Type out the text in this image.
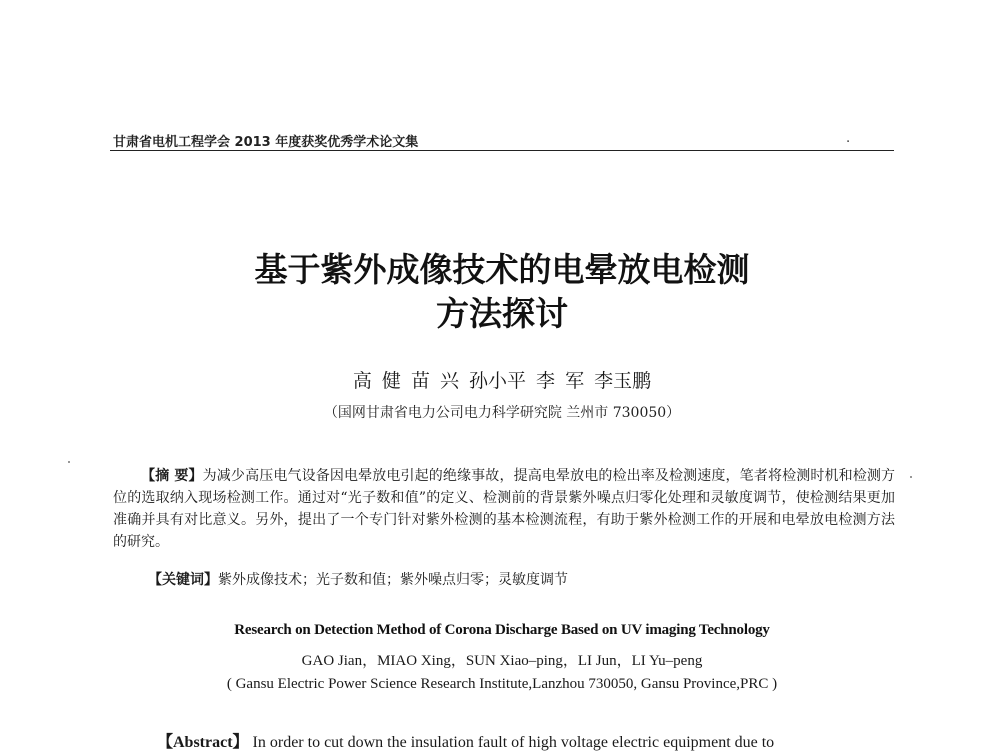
甘肃省电机工程学会 2013 年度获奖优秀学术论文集	.
基于紫外成像技术的电晕放电检测
方法探讨
高 健 苗 兴 孙小平 李 军 李玉鹏
（国网甘肃省电力公司电力科学研究院 兰州市 730050）
【摘 要】为减少高压电气设备因电晕放电引起的绝缘事故，提高电晕放电的检出率及检测速度，笔者将检测时机和检测方位的选取纳入现场检测工作。通过对“光子数和值”的定义、检测前的背景紫外噪点归零化处理和灵敏度调节，使检测结果更加准确并具有对比意义。另外，提出了一个专门针对紫外检测的基本检测流程，有助于紫外检测工作的开展和电晕放电检测方法的研究。
【关键词】紫外成像技术；光子数和值；紫外噪点归零；灵敏度调节
Research on Detection Method of Corona Discharge Based on UV imaging Technology
GAO Jian，MIAO Xing，SUN Xiao–ping，LI Jun，LI Yu–peng
( Gansu Electric Power Science Research Institute,Lanzhou 730050, Gansu Province,PRC )
【Abstract】 In order to cut down the insulation fault of high voltage electric equipment due to
